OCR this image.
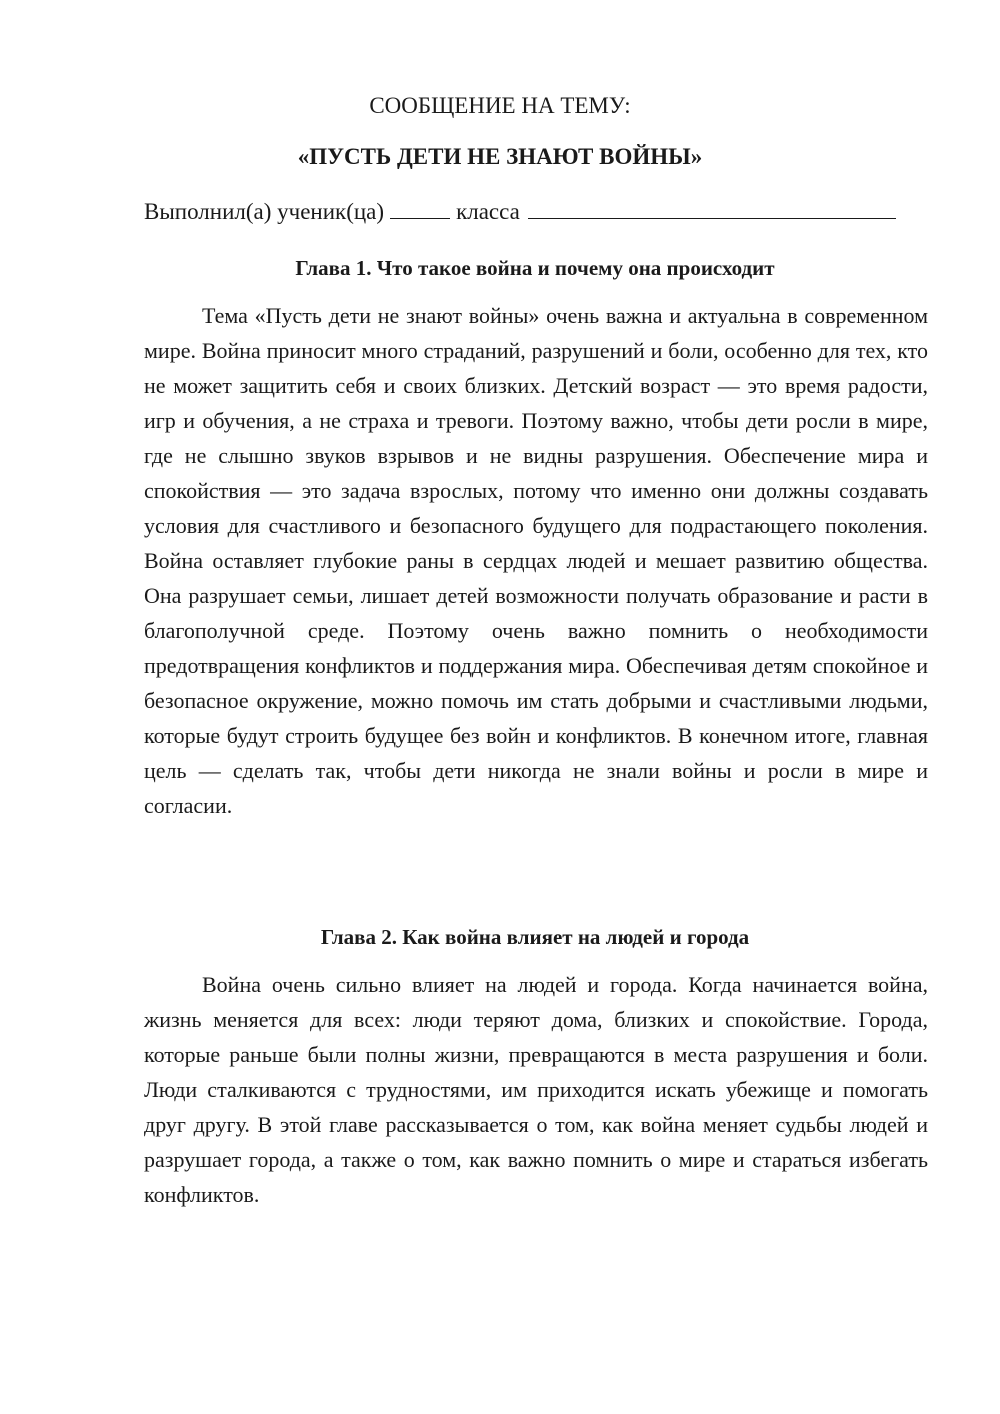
СООБЩЕНИЕ НА ТЕМУ:
«ПУСТЬ ДЕТИ НЕ ЗНАЮТ ВОЙНЫ»
Выполнил(а) ученик(ца)	класса
Глава 1. Что такое война и почему она происходит

Тема «Пусть дети не знают войны» очень важна и актуальна в современном мире. Война приносит много страданий, разрушений и боли, особенно для тех, кто не может защитить себя и своих близких. Детский возраст — это время радости, игр и обучения, а не страха и тревоги. Поэтому важно, чтобы дети росли в мире, где не слышно звуков взрывов и не видны разрушения. Обеспечение мира и спокойствия — это задача взрослых, потому что именно они должны создавать условия для счастливого и безопасного будущего для подрастающего поколения. Война оставляет глубокие раны в сердцах людей и мешает развитию общества. Она разрушает семьи, лишает детей возможности получать образование и расти в благополучной среде. Поэтому очень важно помнить о необходимости предотвращения конфликтов и поддержания мира. Обеспечивая детям спокойное и безопасное окружение, можно помочь им стать добрыми и счастливыми людьми, которые будут строить будущее без войн и конфликтов. В конечном итоге, главная цель — сделать так, чтобы дети никогда не знали войны и росли в мире и согласии.

Глава 2. Как война влияет на людей и города

Война очень сильно влияет на людей и города. Когда начинается война, жизнь меняется для всех: люди теряют дома, близких и спокойствие. Города, которые раньше были полны жизни, превращаются в места разрушения и боли. Люди сталкиваются с трудностями, им приходится искать убежище и помогать друг другу. В этой главе рассказывается о том, как война меняет судьбы людей и разрушает города, а также о том, как важно помнить о мире и стараться избегать конфликтов.
